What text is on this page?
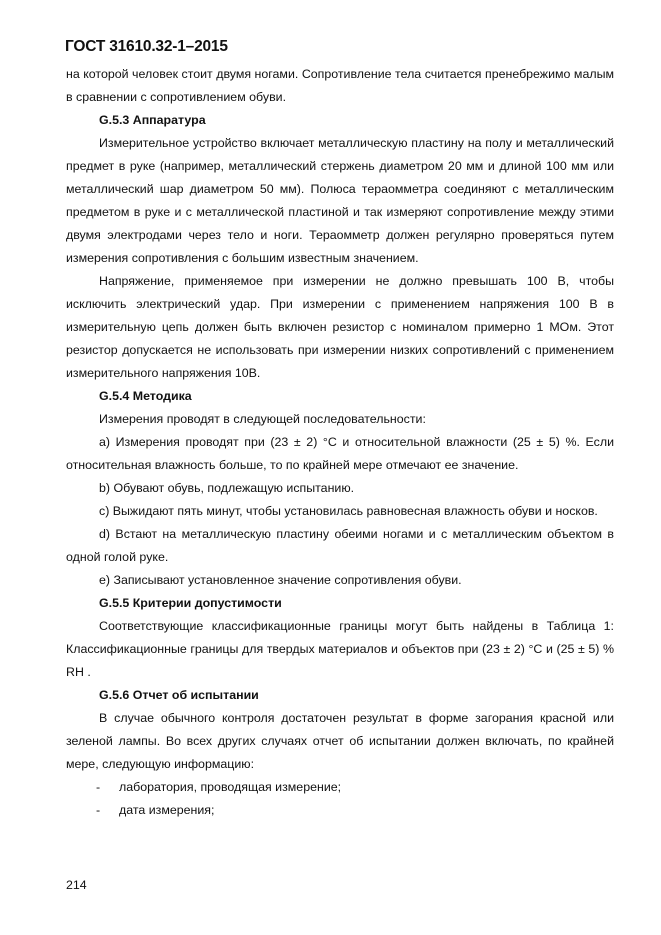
ГОСТ 31610.32-1–2015

на которой человек стоит двумя ногами. Сопротивление тела считается пренебрежимо малым в сравнении с сопротивлением обуви.

G.5.3 Аппаратура

Измерительное устройство включает металлическую пластину на полу и металлический предмет в руке (например, металлический стержень диаметром 20 мм и длиной 100 мм или металлический шар диаметром 50 мм). Полюса тераомметра соединяют с металлическим предметом в руке и с металлической пластиной и так измеряют сопротивление между этими двумя электродами через тело и ноги. Тераомметр должен регулярно проверяться путем измерения сопротивления с большим известным значением.

Напряжение, применяемое при измерении не должно превышать 100 В, чтобы исключить электрический удар. При измерении с применением напряжения 100 В в измерительную цепь должен быть включен резистор с номиналом примерно 1 МОм. Этот резистор допускается не использовать при измерении низких сопротивлений с применением измерительного напряжения 10В.

G.5.4 Методика

Измерения проводят в следующей последовательности:

a) Измерения проводят при (23 ± 2) °С и относительной влажности (25 ± 5) %. Если относительная влажность больше, то по крайней мере отмечают ее значение.

b) Обувают обувь, подлежащую испытанию.

c) Выжидают пять минут, чтобы установилась равновесная влажность обуви и носков.

d) Встают на металлическую пластину обеими ногами и с металлическим объектом в одной голой руке.

e) Записывают установленное значение сопротивления обуви.

G.5.5 Критерии допустимости

Соответствующие классификационные границы могут быть найдены в Таблица 1: Классификационные границы для твердых материалов и объектов при (23 ± 2) °С и (25 ± 5) % RH .

G.5.6 Отчет об испытании

В случае обычного контроля достаточен результат в форме загорания красной или зеленой лампы. Во всех других случаях отчет об испытании должен включать, по крайней мере, следующую информацию:

- лаборатория, проводящая измерение;

- дата измерения;

214
